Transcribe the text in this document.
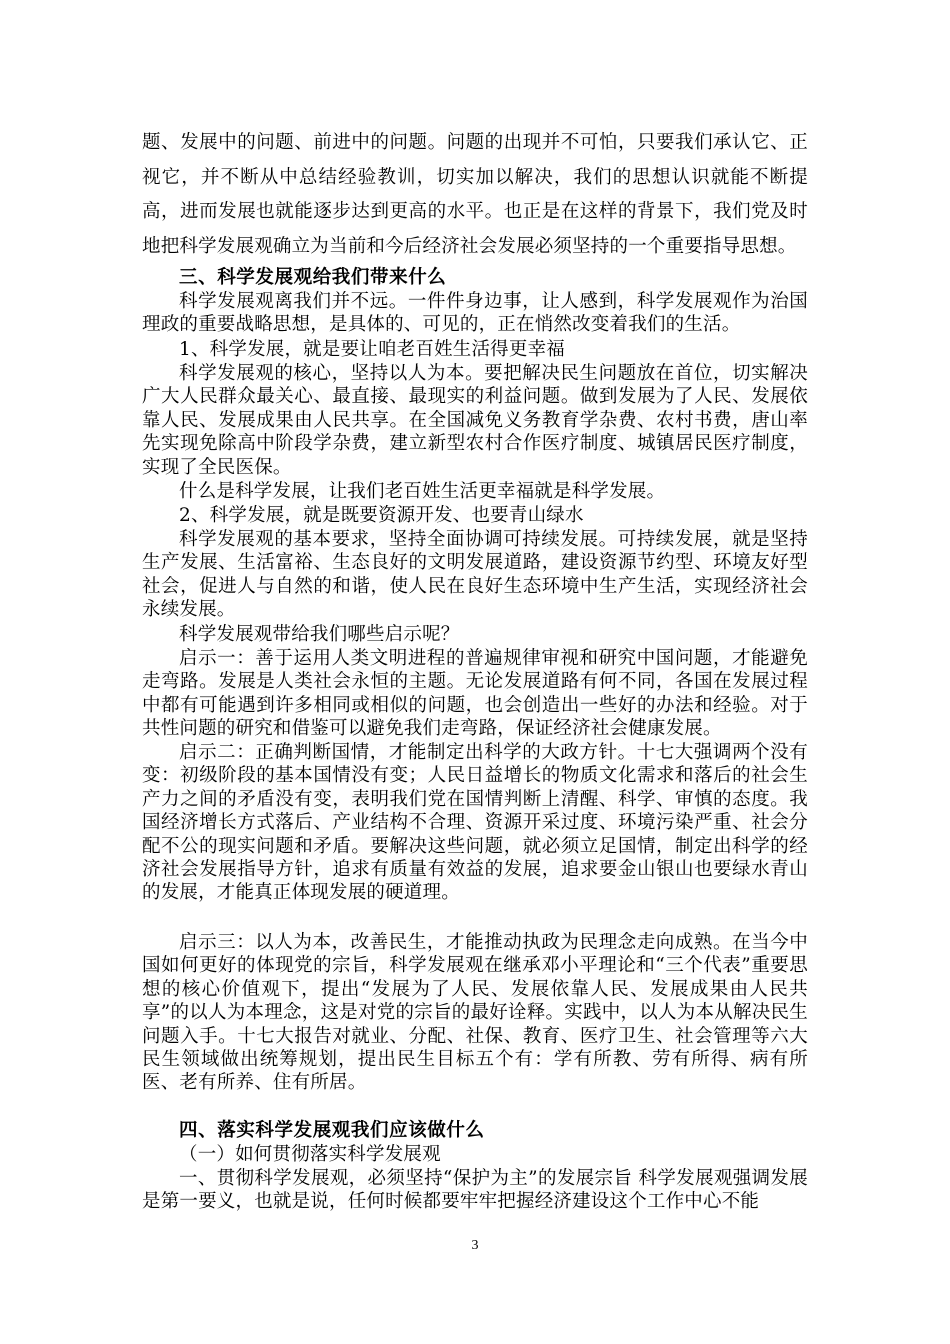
题、发展中的问题、前进中的问题。问题的出现并不可怕，只要我们承认它、正视它，并不断从中总结经验教训，切实加以解决，我们的思想认识就能不断提高，进而发展也就能逐步达到更高的水平。也正是在这样的背景下，我们党及时地把科学发展观确立为当前和今后经济社会发展必须坚持的一个重要指导思想。

三、科学发展观给我们带来什么

科学发展观离我们并不远。一件件身边事，让人感到，科学发展观作为治国理政的重要战略思想，是具体的、可见的，正在悄然改变着我们的生活。

1、科学发展，就是要让咱老百姓生活得更幸福

科学发展观的核心，坚持以人为本。要把解决民生问题放在首位，切实解决广大人民群众最关心、最直接、最现实的利益问题。做到发展为了人民、发展依靠人民、发展成果由人民共享。在全国减免义务教育学杂费、农村书费，唐山率先实现免除高中阶段学杂费，建立新型农村合作医疗制度、城镇居民医疗制度，实现了全民医保。

什么是科学发展，让我们老百姓生活更幸福就是科学发展。

2、科学发展，就是既要资源开发、也要青山绿水

科学发展观的基本要求，坚持全面协调可持续发展。可持续发展，就是坚持生产发展、生活富裕、生态良好的文明发展道路，建设资源节约型、环境友好型社会，促进人与自然的和谐，使人民在良好生态环境中生产生活，实现经济社会永续发展。

科学发展观带给我们哪些启示呢？

启示一：善于运用人类文明进程的普遍规律审视和研究中国问题，才能避免走弯路。发展是人类社会永恒的主题。无论发展道路有何不同，各国在发展过程中都有可能遇到许多相同或相似的问题，也会创造出一些好的办法和经验。对于共性问题的研究和借鉴可以避免我们走弯路，保证经济社会健康发展。

启示二：正确判断国情，才能制定出科学的大政方针。十七大强调两个没有变：初级阶段的基本国情没有变；人民日益增长的物质文化需求和落后的社会生产力之间的矛盾没有变，表明我们党在国情判断上清醒、科学、审慎的态度。我国经济增长方式落后、产业结构不合理、资源开采过度、环境污染严重、社会分配不公的现实问题和矛盾。要解决这些问题，就必须立足国情，制定出科学的经济社会发展指导方针，追求有质量有效益的发展，追求要金山银山也要绿水青山的发展，才能真正体现发展的硬道理。

启示三：以人为本，改善民生，才能推动执政为民理念走向成熟。在当今中国如何更好的体现党的宗旨，科学发展观在继承邓小平理论和“三个代表”重要思想的核心价值观下，提出“发展为了人民、发展依靠人民、发展成果由人民共享”的以人为本理念，这是对党的宗旨的最好诠释。实践中，以人为本从解决民生问题入手。十七大报告对就业、分配、社保、教育、医疗卫生、社会管理等六大民生领域做出统筹规划，提出民生目标五个有：学有所教、劳有所得、病有所医、老有所养、住有所居。

四、落实科学发展观我们应该做什么

（一）如何贯彻落实科学发展观

一、贯彻科学发展观，必须坚持“保护为主”的发展宗旨 科学发展观强调发展是第一要义，也就是说，任何时候都要牢牢把握经济建设这个工作中心不能

3
